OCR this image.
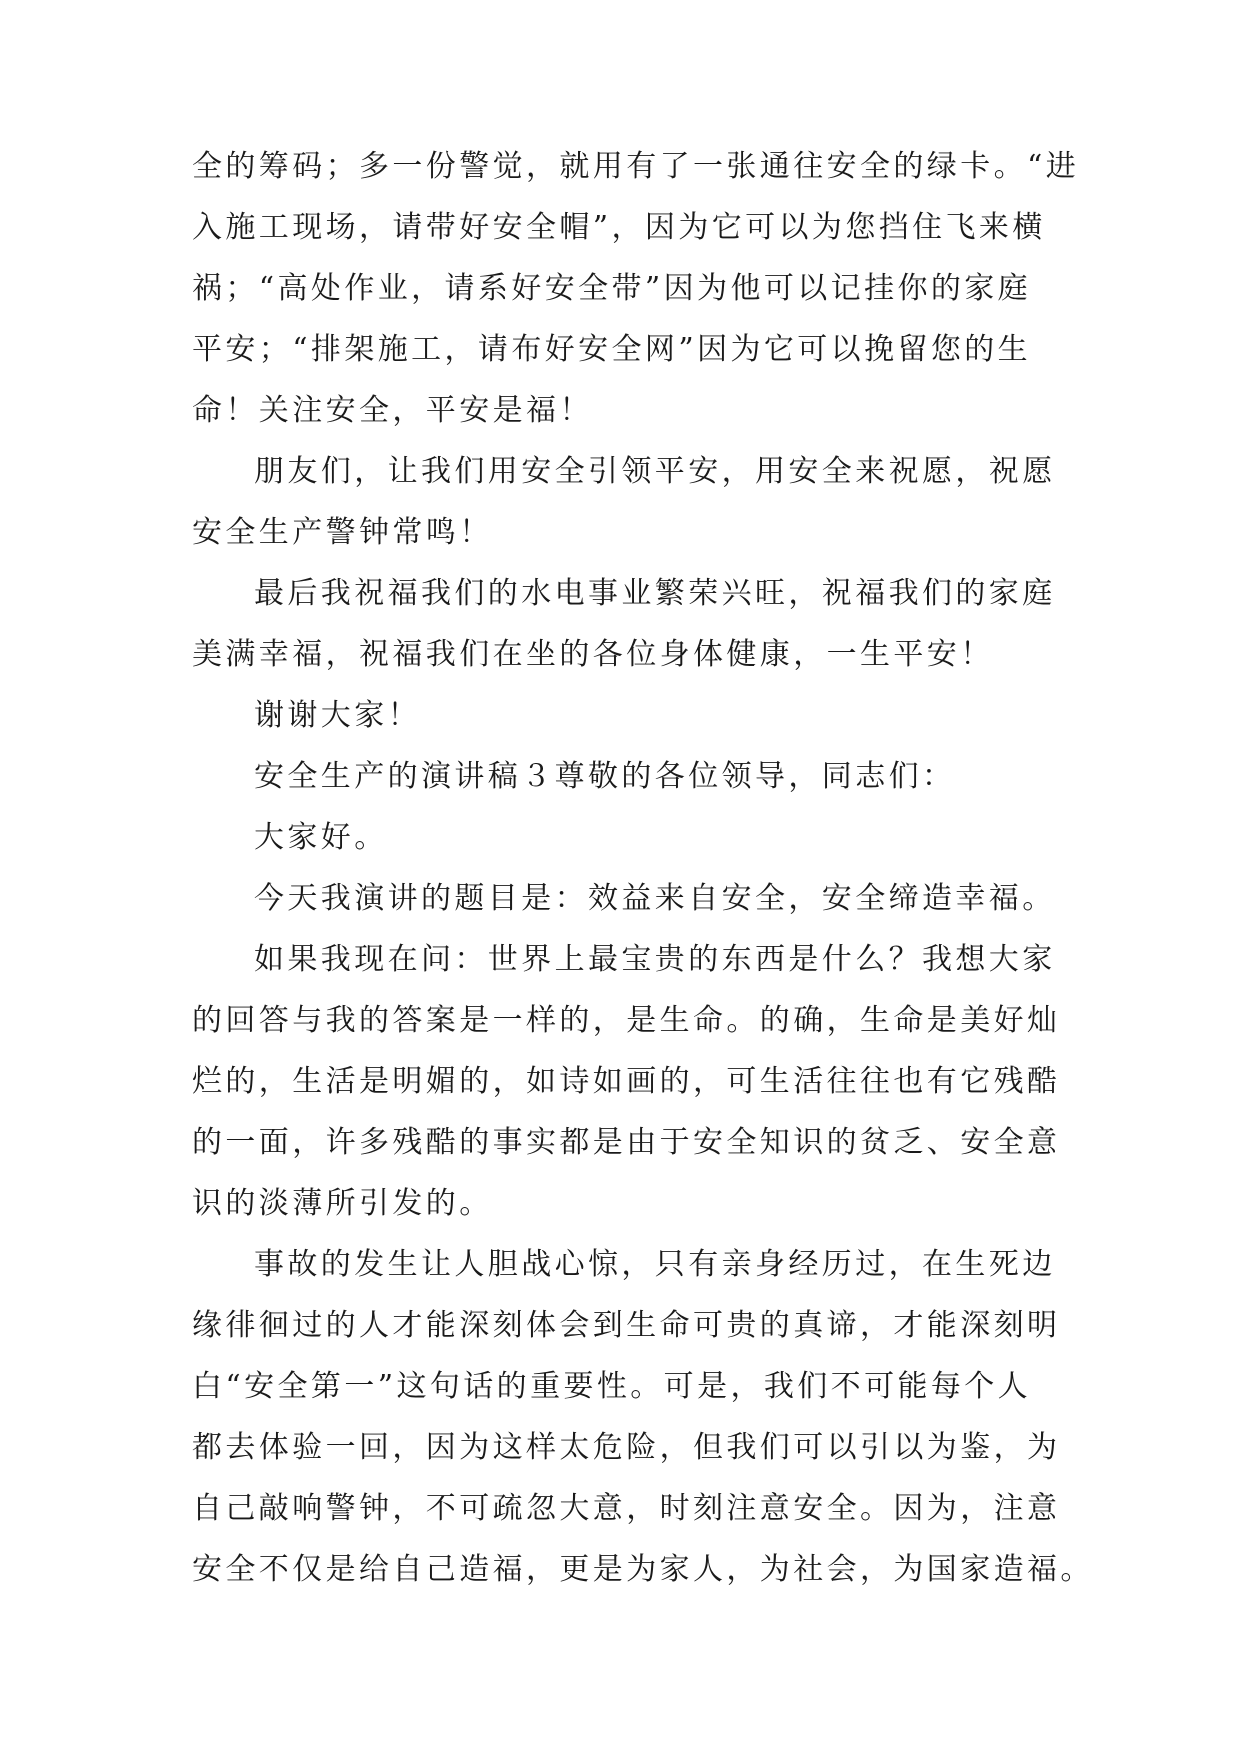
全的筹码；多一份警觉，就用有了一张通往安全的绿卡。“进
入施工现场，请带好安全帽”，因为它可以为您挡住飞来横
祸；“高处作业，请系好安全带”因为他可以记挂你的家庭
平安；“排架施工，请布好安全网”因为它可以挽留您的生
命！关注安全，平安是福！
朋友们，让我们用安全引领平安，用安全来祝愿，祝愿
安全生产警钟常鸣！
最后我祝福我们的水电事业繁荣兴旺，祝福我们的家庭
美满幸福，祝福我们在坐的各位身体健康，一生平安！
谢谢大家！
安全生产的演讲稿３尊敬的各位领导，同志们：
大家好。
今天我演讲的题目是：效益来自安全，安全缔造幸福。
如果我现在问：世界上最宝贵的东西是什么？我想大家
的回答与我的答案是一样的，是生命。的确，生命是美好灿
烂的，生活是明媚的，如诗如画的，可生活往往也有它残酷
的一面，许多残酷的事实都是由于安全知识的贫乏、安全意
识的淡薄所引发的。
事故的发生让人胆战心惊，只有亲身经历过，在生死边
缘徘徊过的人才能深刻体会到生命可贵的真谛，才能深刻明
白“安全第一”这句话的重要性。可是，我们不可能每个人
都去体验一回，因为这样太危险，但我们可以引以为鉴，为
自己敲响警钟，不可疏忽大意，时刻注意安全。因为，注意
安全不仅是给自己造福，更是为家人，为社会，为国家造福。
